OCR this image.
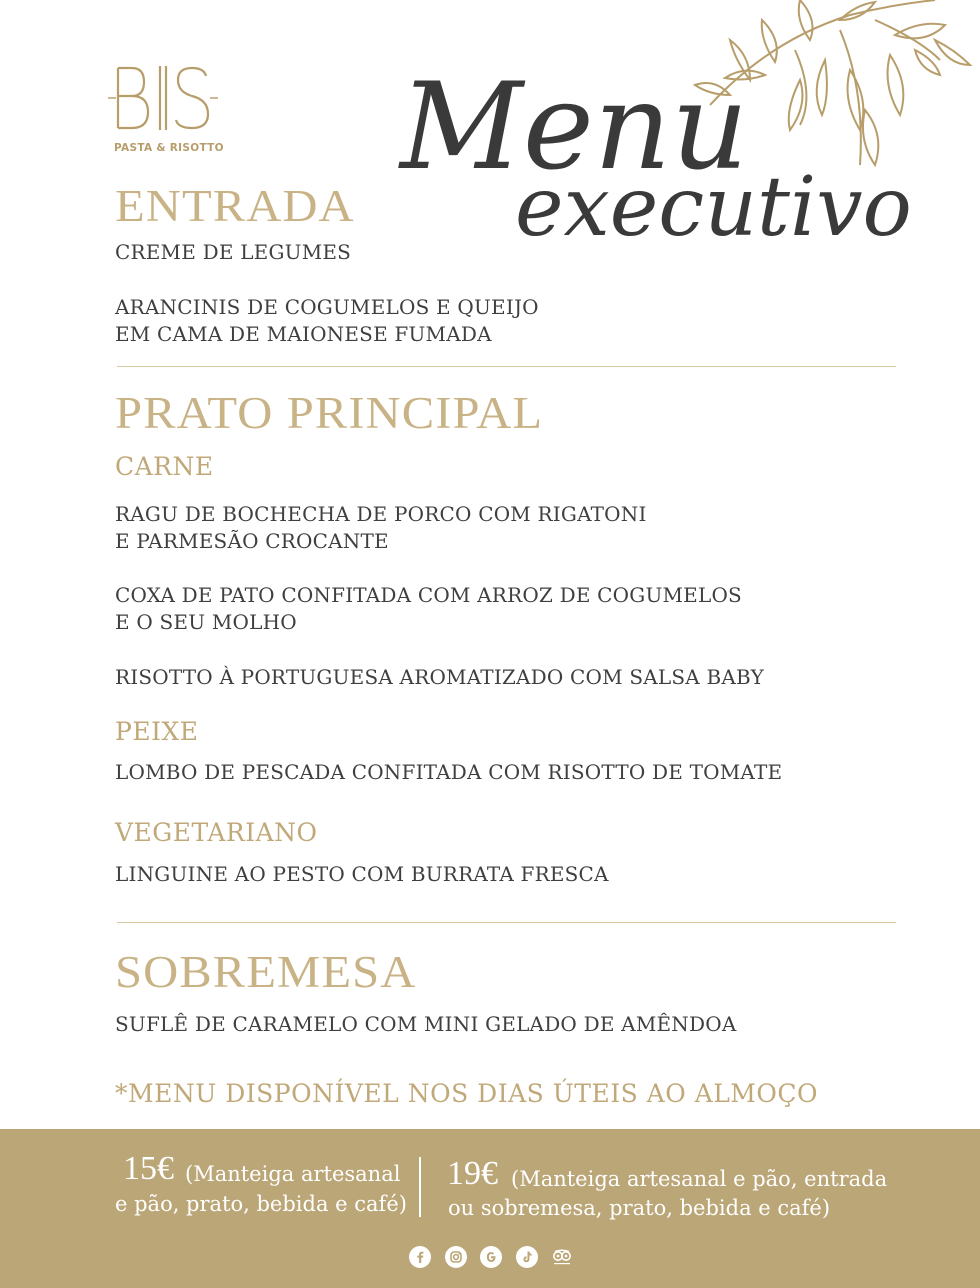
PASTA & RISOTTO Menu
executivo
ENTRADA
CREME DE LEGUMES
ARANCINIS DE COGUMELOS E QUEIJO
EM CAMA DE MAIONESE FUMADA
PRATO PRINCIPAL
CARNE
RAGU DE BOCHECHA DE PORCO COM RIGATONI
E PARMESÃO CROCANTE
COXA DE PATO CONFITADA COM ARROZ DE COGUMELOS
E O SEU MOLHO
RISOTTO À PORTUGUESA AROMATIZADO COM SALSA BABY
PEIXE
LOMBO DE PESCADA CONFITADA COM RISOTTO DE TOMATE
VEGETARIANO
LINGUINE AO PESTO COM BURRATA FRESCA
SOBREMESA
SUFLÊ DE CARAMELO COM MINI GELADO DE AMÊNDOA
*MENU DISPONÍVEL NOS DIAS ÚTEIS AO ALMOÇO
15€ (Manteiga artesanal
e pão, prato, bebida e café)
19€ (Manteiga artesanal e pão, entrada
ou sobremesa, prato, bebida e café)
